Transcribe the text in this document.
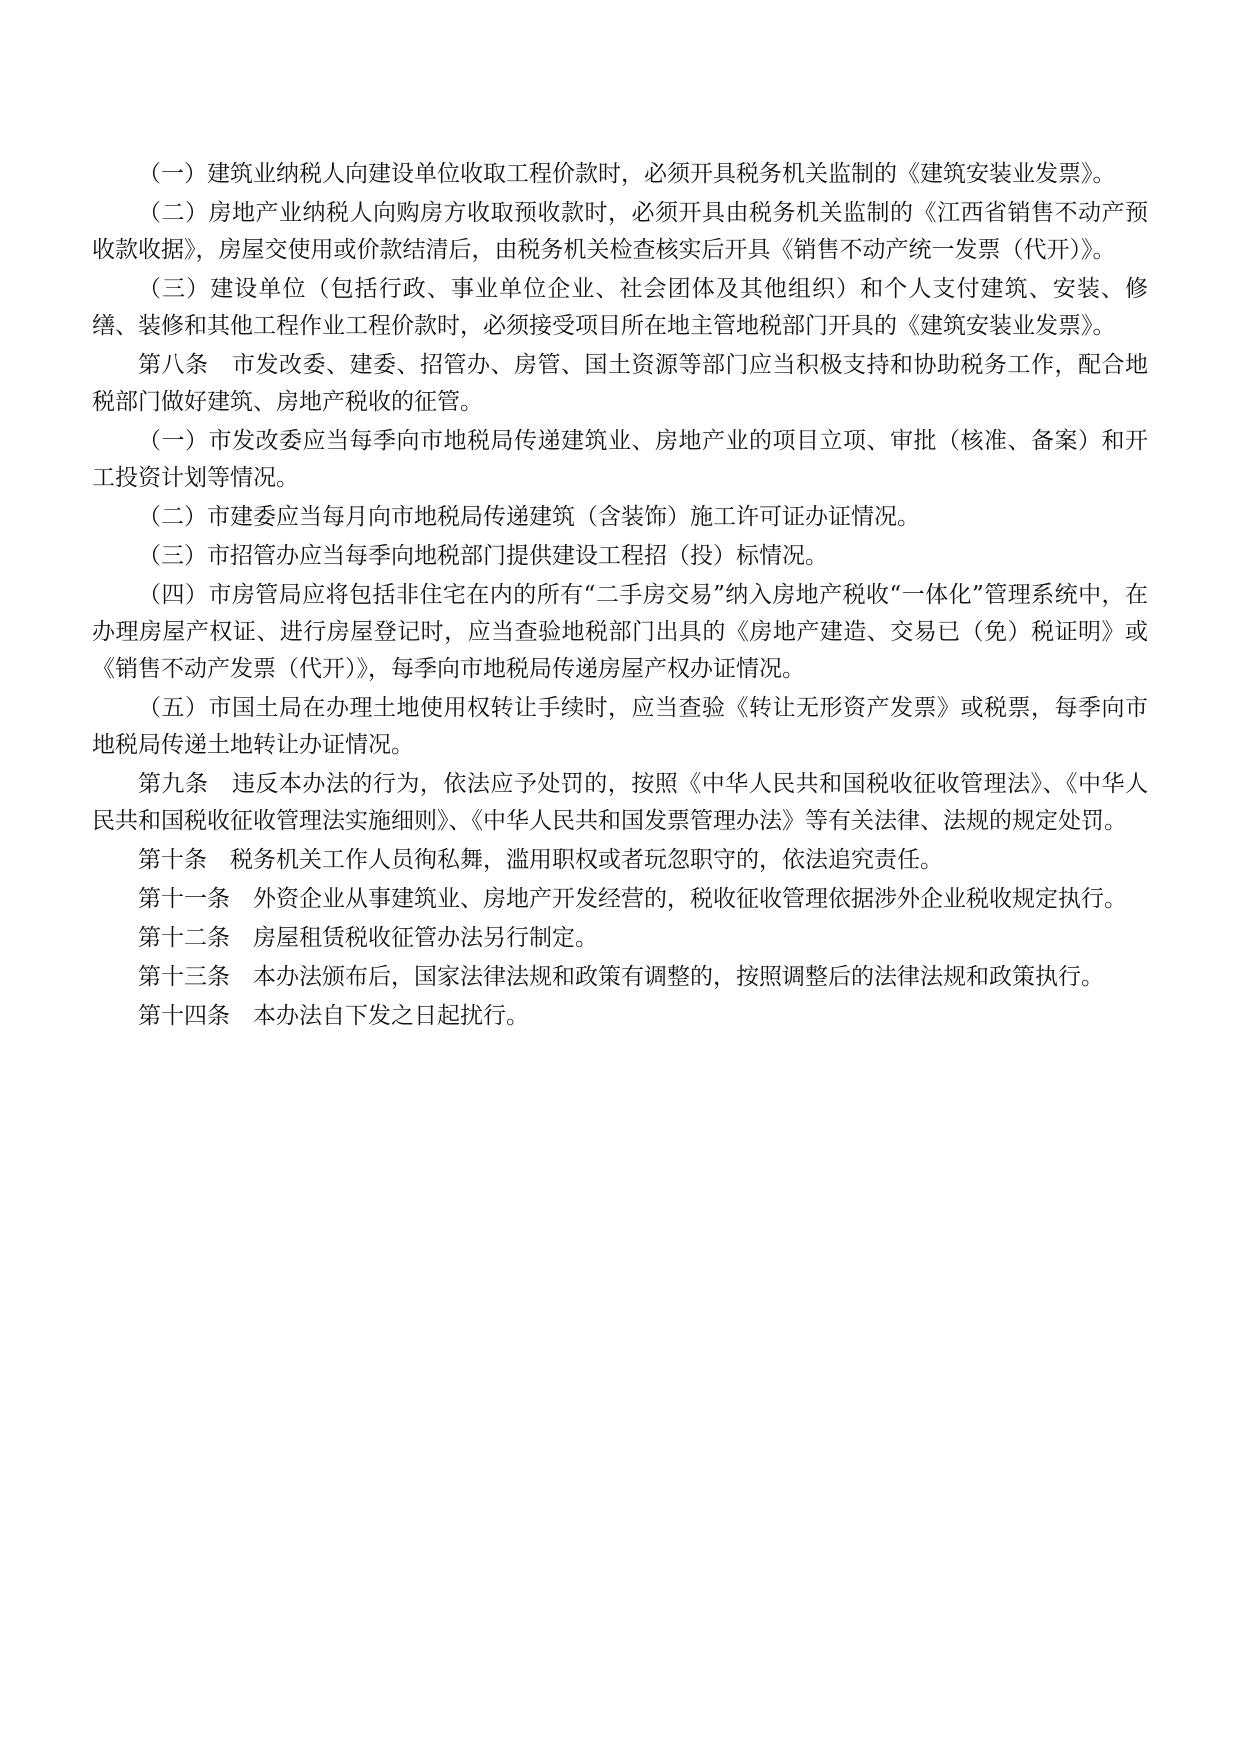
（一）建筑业纳税人向建设单位收取工程价款时，必须开具税务机关监制的《建筑安装业发票》。

（二）房地产业纳税人向购房方收取预收款时，必须开具由税务机关监制的《江西省销售不动产预收款收据》，房屋交使用或价款结清后，由税务机关检查核实后开具《销售不动产统一发票（代开）》。

（三）建设单位（包括行政、事业单位企业、社会团体及其他组织）和个人支付建筑、安装、修缮、装修和其他工程作业工程价款时，必须接受项目所在地主管地税部门开具的《建筑安装业发票》。

第八条　市发改委、建委、招管办、房管、国土资源等部门应当积极支持和协助税务工作，配合地税部门做好建筑、房地产税收的征管。

（一）市发改委应当每季向市地税局传递建筑业、房地产业的项目立项、审批（核准、备案）和开工投资计划等情况。

（二）市建委应当每月向市地税局传递建筑（含装饰）施工许可证办证情况。

（三）市招管办应当每季向地税部门提供建设工程招（投）标情况。

（四）市房管局应将包括非住宅在内的所有“二手房交易”纳入房地产税收“一体化”管理系统中，在办理房屋产权证、进行房屋登记时，应当查验地税部门出具的《房地产建造、交易已（免）税证明》或《销售不动产发票（代开）》，每季向市地税局传递房屋产权办证情况。

（五）市国土局在办理土地使用权转让手续时，应当查验《转让无形资产发票》或税票，每季向市地税局传递土地转让办证情况。

第九条　违反本办法的行为，依法应予处罚的，按照《中华人民共和国税收征收管理法》、《中华人民共和国税收征收管理法实施细则》、《中华人民共和国发票管理办法》等有关法律、法规的规定处罚。

第十条　税务机关工作人员徇私舞，滥用职权或者玩忽职守的，依法追究责任。

第十一条　外资企业从事建筑业、房地产开发经营的，税收征收管理依据涉外企业税收规定执行。

第十二条　房屋租赁税收征管办法另行制定。

第十三条　本办法颁布后，国家法律法规和政策有调整的，按照调整后的法律法规和政策执行。

第十四条　本办法自下发之日起扰行。
